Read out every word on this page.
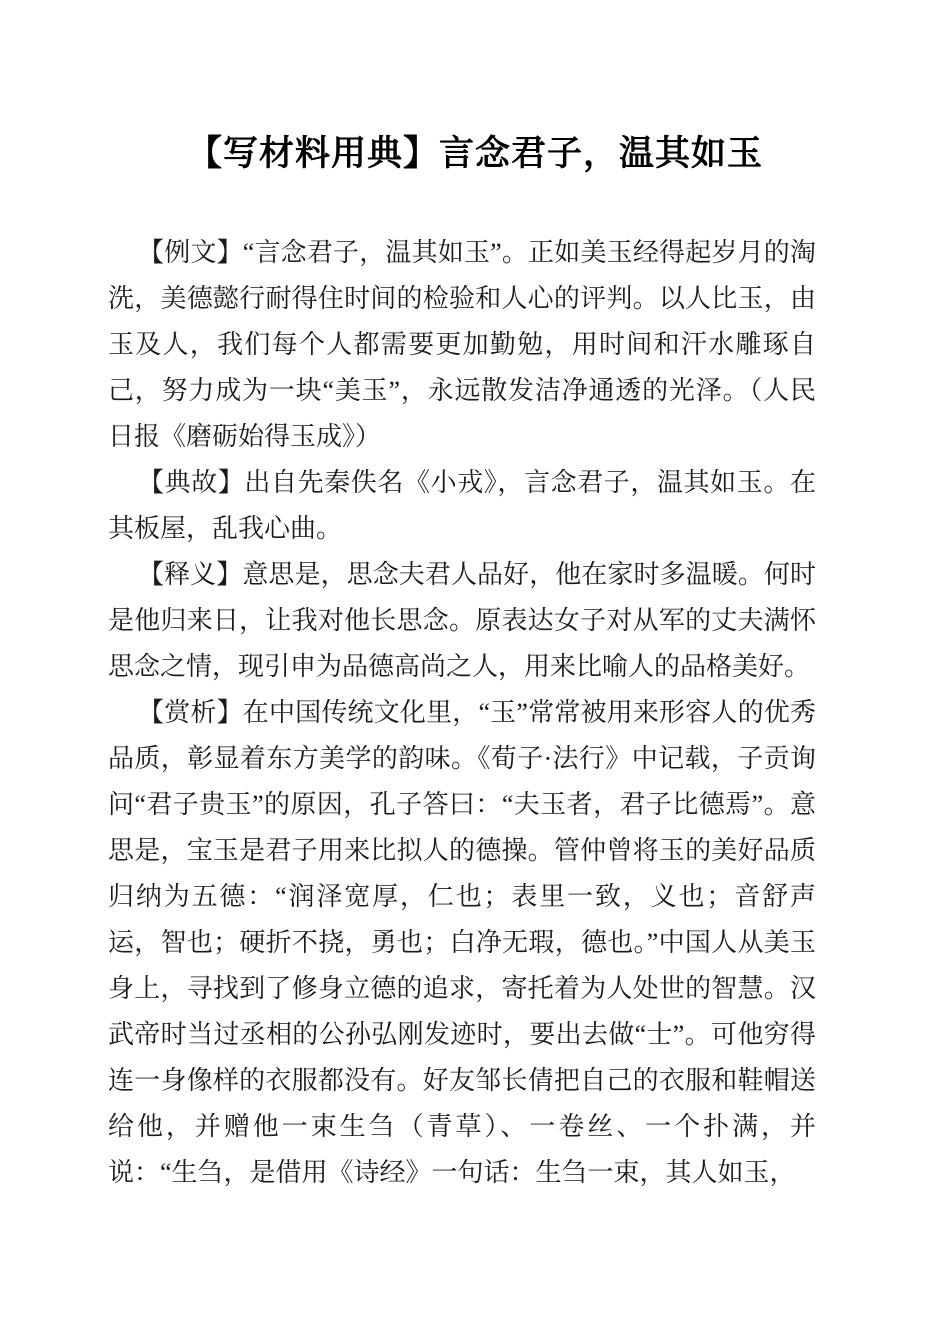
【写材料用典】言念君子，温其如玉

【例文】“言念君子，温其如玉”。正如美玉经得起岁月的淘洗，美德懿行耐得住时间的检验和人心的评判。以人比玉，由玉及人，我们每个人都需要更加勤勉，用时间和汗水雕琢自己，努力成为一块“美玉”，永远散发洁净通透的光泽。（人民日报《磨砺始得玉成》）

【典故】出自先秦佚名《小戎》，言念君子，温其如玉。在其板屋，乱我心曲。

【释义】意思是，思念夫君人品好，他在家时多温暖。何时是他归来日，让我对他长思念。原表达女子对从军的丈夫满怀思念之情，现引申为品德高尚之人，用来比喻人的品格美好。

【赏析】在中国传统文化里，“玉”常常被用来形容人的优秀品质，彰显着东方美学的韵味。《荀子·法行》中记载，子贡询问“君子贵玉”的原因，孔子答曰：“夫玉者，君子比德焉”。意思是，宝玉是君子用来比拟人的德操。管仲曾将玉的美好品质归纳为五德：“润泽宽厚，仁也；表里一致，义也；音舒声运，智也；硬折不挠，勇也；白净无瑕，德也。”中国人从美玉身上，寻找到了修身立德的追求，寄托着为人处世的智慧。汉武帝时当过丞相的公孙弘刚发迹时，要出去做“士”。可他穷得连一身像样的衣服都没有。好友邹长倩把自己的衣服和鞋帽送给他，并赠他一束生刍（青草）、一卷丝、一个扑满，并说：“生刍，是借用《诗经》一句话：生刍一束，其人如玉，
